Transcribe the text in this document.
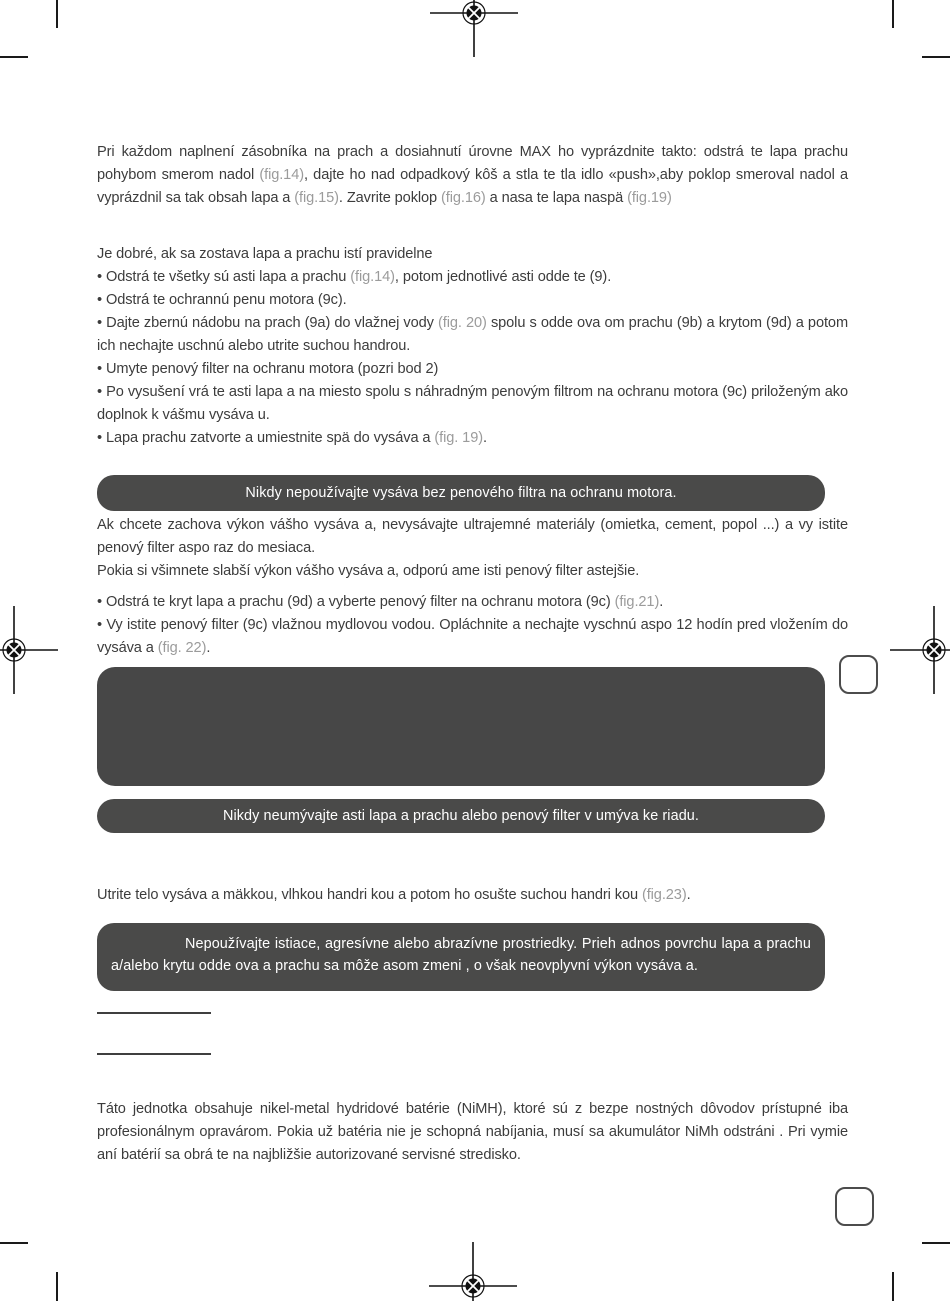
Pri každom naplnení zásobníka na prach a dosiahnutí úrovne MAX ho vyprázdnite takto: odstrá te lapa prachu pohybom smerom nadol (fig.14), dajte ho nad odpadkový kôš a stla te tla idlo «push»,aby poklop smeroval nadol a vyprázdnil sa tak obsah lapa a (fig.15). Zavrite poklop (fig.16) a nasa te lapa naspä (fig.19)

Je dobré, ak sa zostava lapa a prachu istí pravidelne

• Odstrá te všetky sú asti lapa a prachu (fig.14), potom jednotlivé asti odde te (9).

• Odstrá te ochrannú penu motora (9c).

• Dajte zbernú nádobu na prach (9a) do vlažnej vody (fig. 20) spolu s odde ova om prachu (9b) a krytom (9d) a potom ich nechajte uschnú alebo utrite suchou handrou.

• Umyte penový filter na ochranu motora (pozri bod 2)

• Po vysušení vrá te asti lapa a na miesto spolu s náhradným penovým filtrom na ochranu motora (9c) priloženým ako doplnok k vášmu vysáva u.

• Lapa prachu zatvorte a umiestnite spä do vysáva a (fig. 19).

Nikdy nepoužívajte vysáva bez penového filtra na ochranu motora.

Ak chcete zachova výkon vášho vysáva a, nevysávajte ultrajemné materiály (omietka, cement, popol ...) a vy istite penový filter aspo raz do mesiaca.

Pokia si všimnete slabší výkon vášho vysáva a, odporú ame isti penový filter astejšie.

• Odstrá te kryt lapa a prachu (9d) a vyberte penový filter na ochranu motora (9c) (fig.21).

• Vy istite penový filter (9c) vlažnou mydlovou vodou. Opláchnite a nechajte vyschnú aspo 12 hodín pred vložením do vysáva a (fig. 22).

Nikdy neumývajte asti lapa a prachu alebo penový filter v umýva ke riadu.

Utrite telo vysáva a mäkkou, vlhkou handri kou a potom ho osušte suchou handri kou (fig.23).

Nepoužívajte istiace, agresívne alebo abrazívne prostriedky. Prieh adnos povrchu lapa a prachu a/alebo krytu odde ova a prachu sa môže asom zmeni , o však neovplyvní výkon vysáva a.

Táto jednotka obsahuje nikel-metal hydridové batérie (NiMH), ktoré sú z bezpe nostných dôvodov prístupné iba profesionálnym opravárom. Pokia už batéria nie je schopná nabíjania, musí sa akumulátor NiMh odstráni . Pri vymie aní batérií sa obrá te na najbližšie autorizované servisné stredisko.
